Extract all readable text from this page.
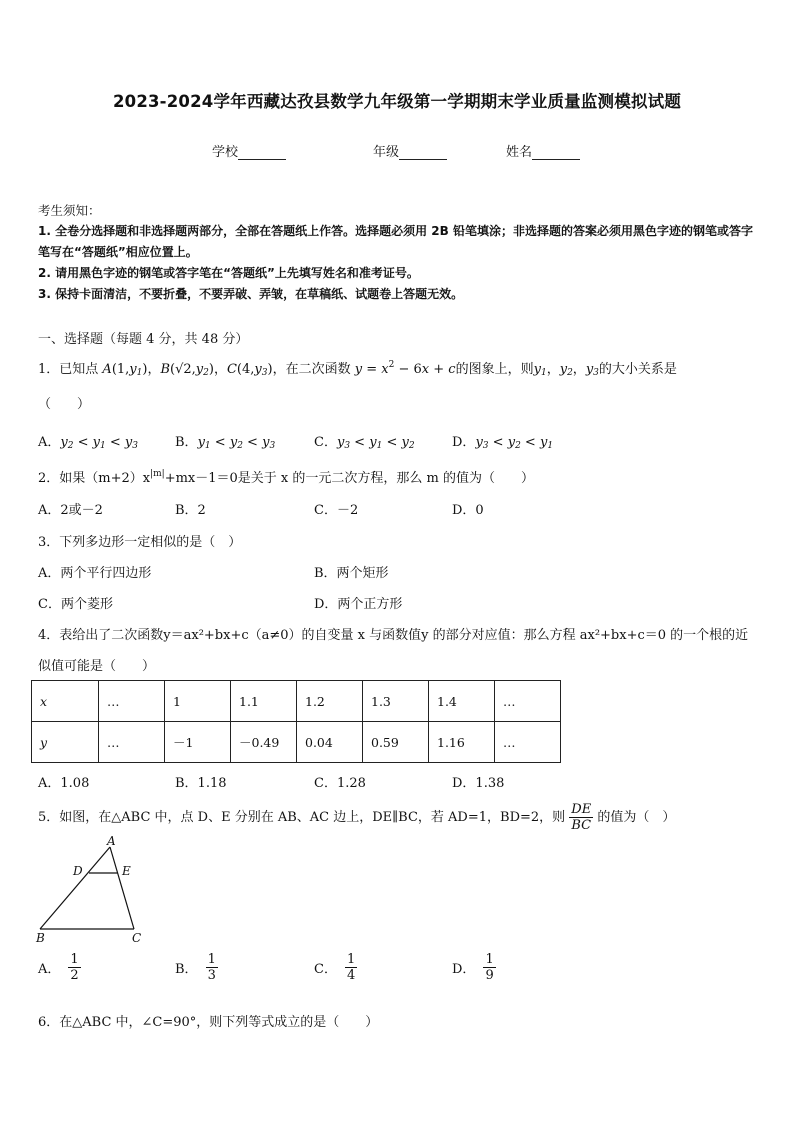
2023-2024学年西藏达孜县数学九年级第一学期期末学业质量监测模拟试题
学校	年级	姓名
考生须知：
1. 全卷分选择题和非选择题两部分，全部在答题纸上作答。选择题必须用 2B 铅笔填涂；非选择题的答案必须用黑色字迹的钢笔或答字笔写在“答题纸”相应位置上。
2. 请用黑色字迹的钢笔或答字笔在“答题纸”上先填写姓名和准考证号。
3. 保持卡面清洁，不要折叠，不要弄破、弄皱，在草稿纸、试题卷上答题无效。
一、选择题（每题 4 分，共 48 分）
1．已知点 $A(1,y_1)$，$B(√2,y_2)$，$C(4,y_3)$，在二次函数 $y = x^2 - 6x + c$的图象上，则$y_1$，$y_2$，$y_3$的大小关系是
（　　）
A．$y_2 < y_1 < y_3$	B．$y_1 < y_2 < y_3$	C．$y_3 < y_1 < y_2$	D．$y_3 < y_2 < y_1$
2．如果$(m+2)x^{|m|}+mx-1=0$是关于 x 的一元二次方程，那么 m 的值为（　　）
A．2或－2	B．2	C．－2	D．0
3．下列多边形一定相似的是（　）
A．两个平行四边形	B．两个矩形
C．两个菱形	D．两个正方形
4．表给出了二次函数y＝ax²+bx+c（a≠0）的自变量 x 与函数值y 的部分对应值：那么方程 ax²+bx+c＝0 的一个根的近
似值可能是（　　）
x	…	1	1.1	1.2	1.3	1.4	…
y	…	－1	－0.49	0.04	0.59	1.16	…
A．1.08	B．1.18	C．1.28	D．1.38
5．如图，在△ABC 中，点 D、E 分别在 AB、AC 边上，DE∥BC，若 AD=1，BD=2，则 $\frac{DE}{BC}$ 的值为（　）
A
D	E
B	C
A． $\frac{1}{2}$	B． $\frac{1}{3}$	C． $\frac{1}{4}$	D． $\frac{1}{9}$
6．在△ABC 中，∠C=90°，则下列等式成立的是（　　）
